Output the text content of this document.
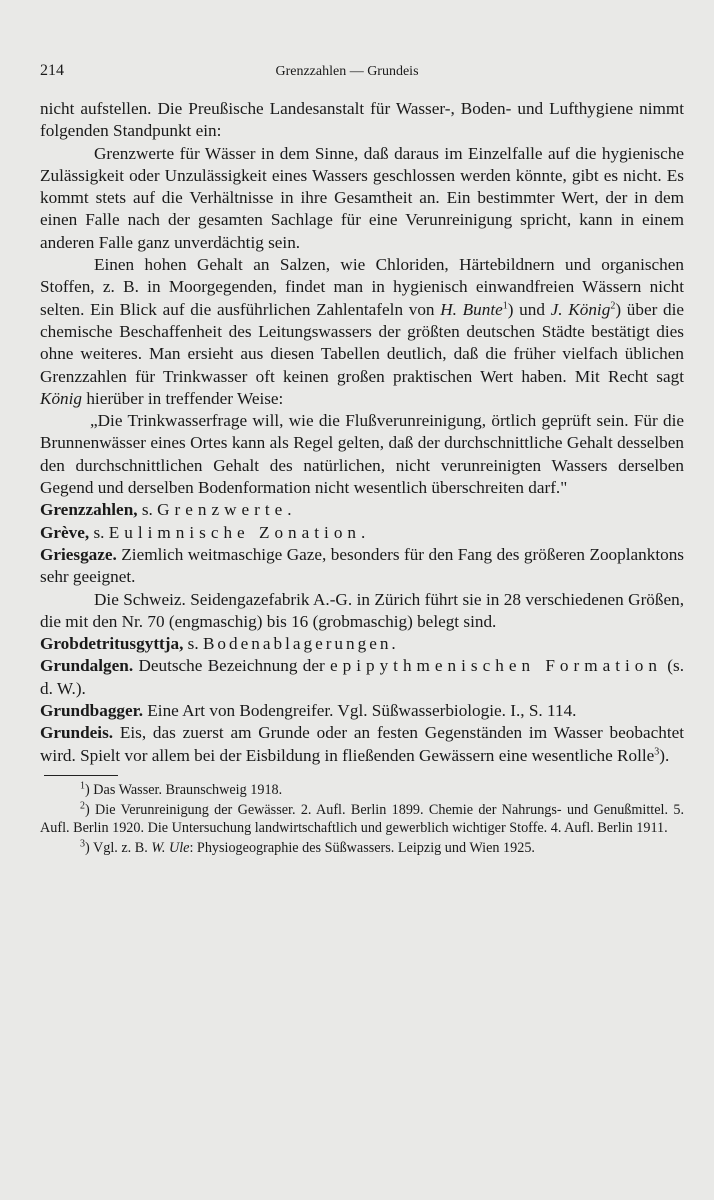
214	Grenzzahlen — Grundeis

nicht aufstellen. Die Preußische Landesanstalt für Wasser-, Boden- und Lufthygiene nimmt folgenden Standpunkt ein:

Grenzwerte für Wässer in dem Sinne, daß daraus im Einzelfalle auf die hygienische Zulässigkeit oder Unzulässigkeit eines Wassers geschlossen werden könnte, gibt es nicht. Es kommt stets auf die Verhältnisse in ihre Gesamtheit an. Ein bestimmter Wert, der in dem einen Falle nach der gesamten Sachlage für eine Verunreinigung spricht, kann in einem anderen Falle ganz unverdächtig sein.

Einen hohen Gehalt an Salzen, wie Chloriden, Härtebildnern und organischen Stoffen, z. B. in Moorgegenden, findet man in hygienisch einwandfreien Wässern nicht selten. Ein Blick auf die ausführlichen Zahlentafeln von H. Bunte$^1$) und J. König$^2$) über die chemische Beschaffenheit des Leitungswassers der größten deutschen Städte bestätigt dies ohne weiteres. Man ersieht aus diesen Tabellen deutlich, daß die früher vielfach üblichen Grenzzahlen für Trinkwasser oft keinen großen praktischen Wert haben. Mit Recht sagt König hierüber in treffender Weise:

„Die Trinkwasserfrage will, wie die Flußverunreinigung, örtlich geprüft sein. Für die Brunnenwässer eines Ortes kann als Regel gelten, daß der durchschnittliche Gehalt desselben den durchschnittlichen Gehalt des natürlichen, nicht verunreinigten Wassers derselben Gegend und derselben Bodenformation nicht wesentlich überschreiten darf."

Grenzzahlen, s. Grenzwerte.

Grève, s. Eulimnische Zonation.

Griesgaze. Ziemlich weitmaschige Gaze, besonders für den Fang des größeren Zooplanktons sehr geeignet.

Die Schweiz. Seidengazefabrik A.-G. in Zürich führt sie in 28 verschiedenen Größen, die mit den Nr. 70 (engmaschig) bis 16 (grobmaschig) belegt sind.

Grobdetritusgyttja, s. Bodenablagerungen.

Grundalgen. Deutsche Bezeichnung der epipythmenischen Formation (s. d. W.).

Grundbagger. Eine Art von Bodengreifer. Vgl. Süßwasserbiologie. I., S. 114.

Grundeis. Eis, das zuerst am Grunde oder an festen Gegenständen im Wasser beobachtet wird. Spielt vor allem bei der Eisbildung in fließenden Gewässern eine wesentliche Rolle$^3$).

$^1$) Das Wasser. Braunschweig 1918.

$^2$) Die Verunreinigung der Gewässer. 2. Aufl. Berlin 1899. Chemie der Nahrungs- und Genußmittel. 5. Aufl. Berlin 1920. Die Untersuchung landwirtschaftlich und gewerblich wichtiger Stoffe. 4. Aufl. Berlin 1911.

$^3$) Vgl. z. B. W. Ule: Physiogeographie des Süßwassers. Leipzig und Wien 1925.
